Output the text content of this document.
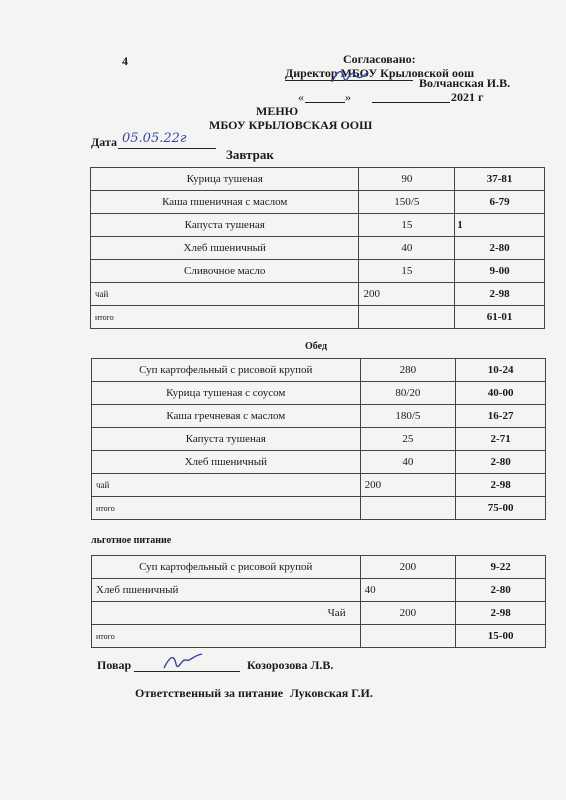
4	Согласовано:
Директор МБОУ Крыловской оош
Волчанская И.В.
«	»	2021 г
МЕНЮ
МБОУ КРЫЛОВСКАЯ ООШ
Дата 05.05.22г
Завтрак
Курица тушеная	90	37-81
Каша пшеничная с маслом	150/5	6-79
Капуста тушеная	15	1
Хлеб пшеничный	40	2-80
Сливочное масло	15	9-00
чай	200	2-98
итого		61-01
Обед
Суп картофельный с рисовой крупой	280	10-24
Курица тушеная с соусом	80/20	40-00
Каша гречневая с маслом	180/5	16-27
Капуста тушеная	25	2-71
Хлеб пшеничный	40	2-80
чай	200	2-98
итого		75-00
льготное питание
Суп картофельный с рисовой крупой	200	9-22
Хлеб пшеничный	40	2-80
Чай	200	2-98
итого		15-00
Повар	Козорозова Л.В.
Ответственный за питание Луковская Г.И.
